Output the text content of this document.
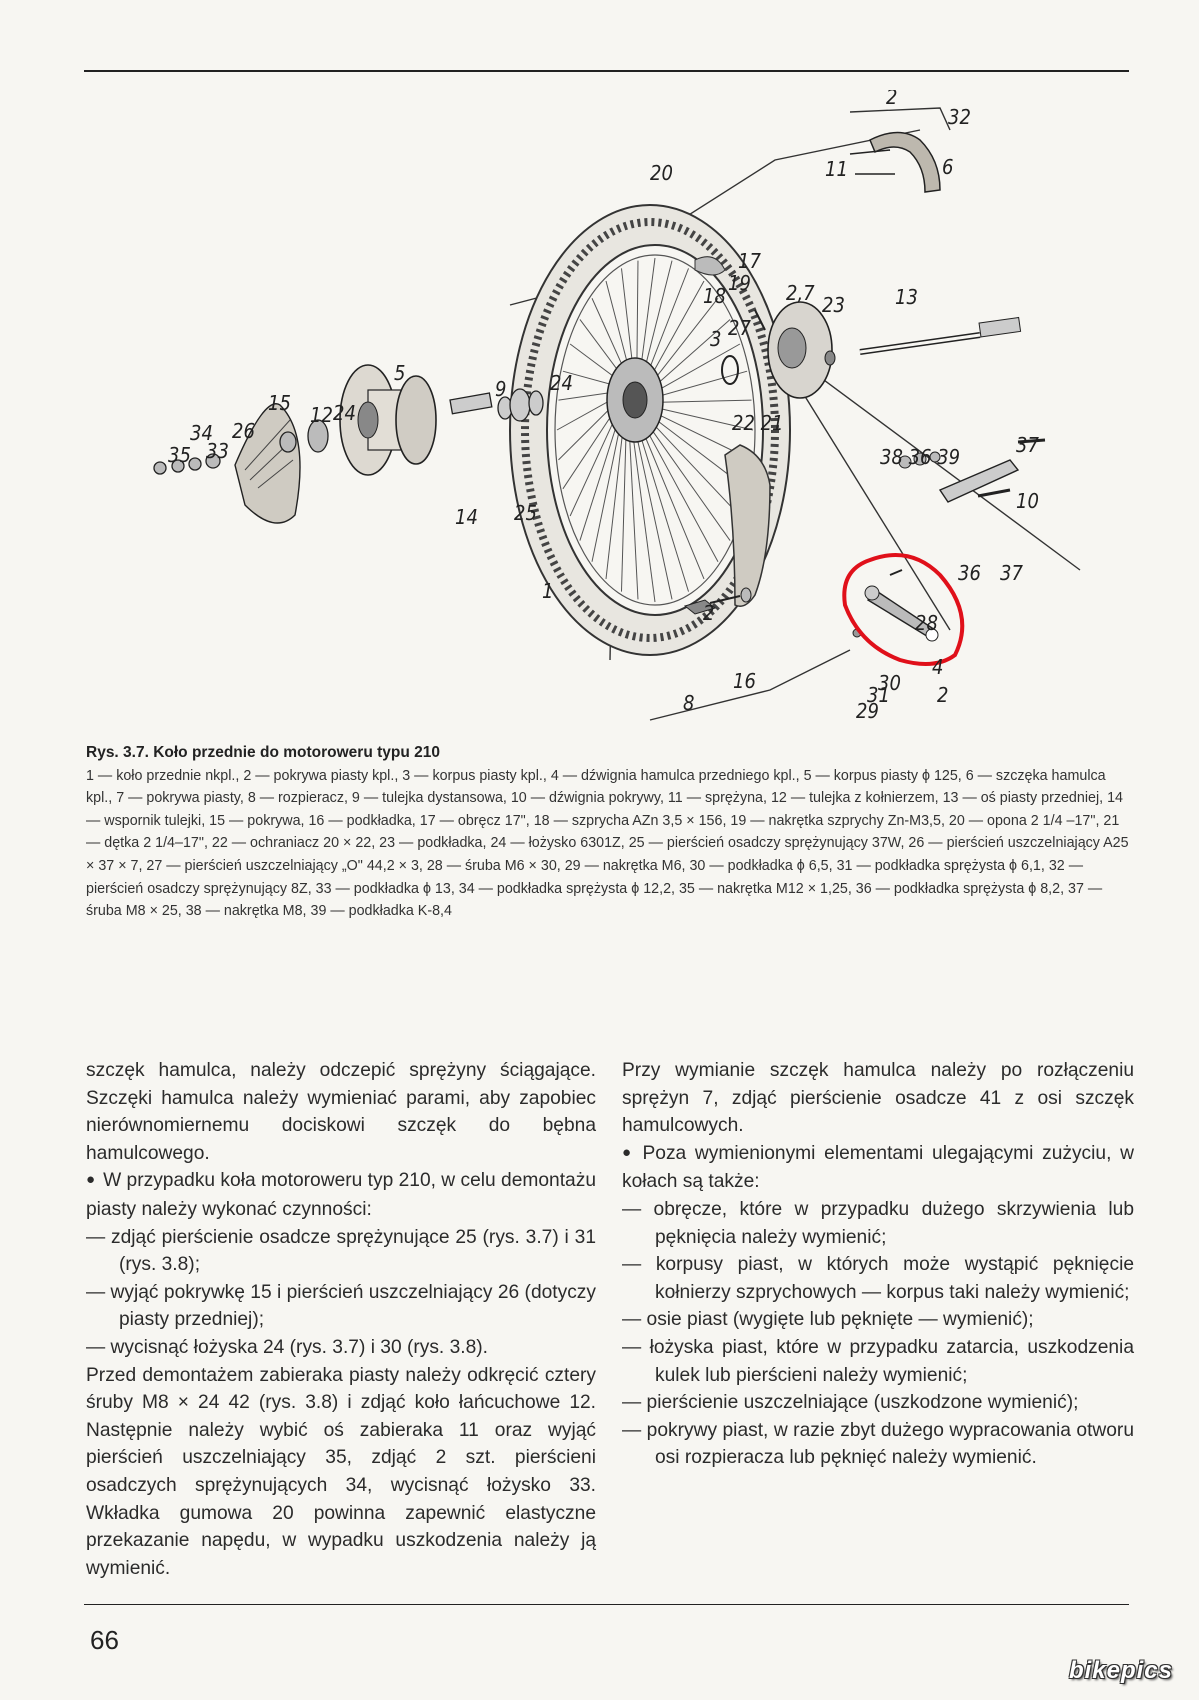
2
32
11	6
20
17
19
18	2,7 23	13
3 27
5
9 24
15 12 24
34 26
35 33
22 21
38 36 39	37
10
14 25
36 37
1
2
16
8
28
4
30
31
29
2
Rys. 3.7. Koło przednie do motoroweru typu 210
1 — koło przednie nkpl., 2 — pokrywa piasty kpl., 3 — korpus piasty kpl., 4 — dźwignia hamulca przedniego kpl., 5 — korpus piasty ϕ 125, 6 — szczęka hamulca kpl., 7 — pokrywa piasty, 8 — rozpieracz, 9 — tulejka dystansowa, 10 — dźwignia pokrywy, 11 — sprężyna, 12 — tulejka z kołnierzem, 13 — oś piasty przedniej, 14 — wspornik tulejki, 15 — pokrywa, 16 — podkładka, 17 — obręcz 17", 18 — szprycha AZn 3,5 × 156, 19 — nakrętka szprychy Zn-M3,5, 20 — opona 2 1/4 –17", 21 — dętka 2 1/4–17", 22 — ochraniacz 20 × 22, 23 — podkładka, 24 — łożysko 6301Z, 25 — pierścień osadczy sprężynujący 37W, 26 — pierścień uszczelniający A25 × 37 × 7, 27 — pierścień uszczelniający „O" 44,2 × 3, 28 — śruba M6 × 30, 29 — nakrętka M6, 30 — podkładka ϕ 6,5, 31 — podkładka sprężysta ϕ 6,1, 32 — pierścień osadczy sprężynujący 8Z, 33 — podkładka ϕ 13, 34 — podkładka sprężysta ϕ 12,2, 35 — nakrętka M12 × 1,25, 36 — podkładka sprężysta ϕ 8,2, 37 — śruba M8 × 25, 38 — nakrętka M8, 39 — podkładka K-8,4

szczęk hamulca, należy odczepić sprężyny ściągające. Szczęki hamulca należy wymieniać parami, aby zapobiec nierównomiernemu dociskowi szczęk do bębna hamulcowego.

● W przypadku koła motoroweru typ 210, w celu demontażu piasty należy wykonać czynności:

— zdjąć pierścienie osadcze sprężynujące 25 (rys. 3.7) i 31 (rys. 3.8);

— wyjąć pokrywkę 15 i pierścień uszczelniający 26 (dotyczy piasty przedniej);

— wycisnąć łożyska 24 (rys. 3.7) i 30 (rys. 3.8).

Przed demontażem zabieraka piasty należy odkręcić cztery śruby M8 × 24 42 (rys. 3.8) i zdjąć koło łańcuchowe 12. Następnie należy wybić oś zabieraka 11 oraz wyjąć pierścień uszczelniający 35, zdjąć 2 szt. pierścieni osadczych sprężynujących 34, wycisnąć łożysko 33. Wkładka gumowa 20 powinna zapewnić elastyczne przekazanie napędu, w wypadku uszkodzenia należy ją wymienić.

Przy wymianie szczęk hamulca należy po rozłączeniu sprężyn 7, zdjąć pierścienie osadcze 41 z osi szczęk hamulcowych.

● Poza wymienionymi elementami ulegającymi zużyciu, w kołach są także:

— obręcze, które w przypadku dużego skrzywienia lub pęknięcia należy wymienić;

— korpusy piast, w których może wystąpić pęknięcie kołnierzy szprychowych — korpus taki należy wymienić;

— osie piast (wygięte lub pęknięte — wymienić);

— łożyska piast, które w przypadku zatarcia, uszkodzenia kulek lub pierścieni należy wymienić;

— pierścienie uszczelniające (uszkodzone wymienić);

— pokrywy piast, w razie zbyt dużego wypracowania otworu osi rozpieracza lub pęknięć należy wymienić.

66
bikepics
